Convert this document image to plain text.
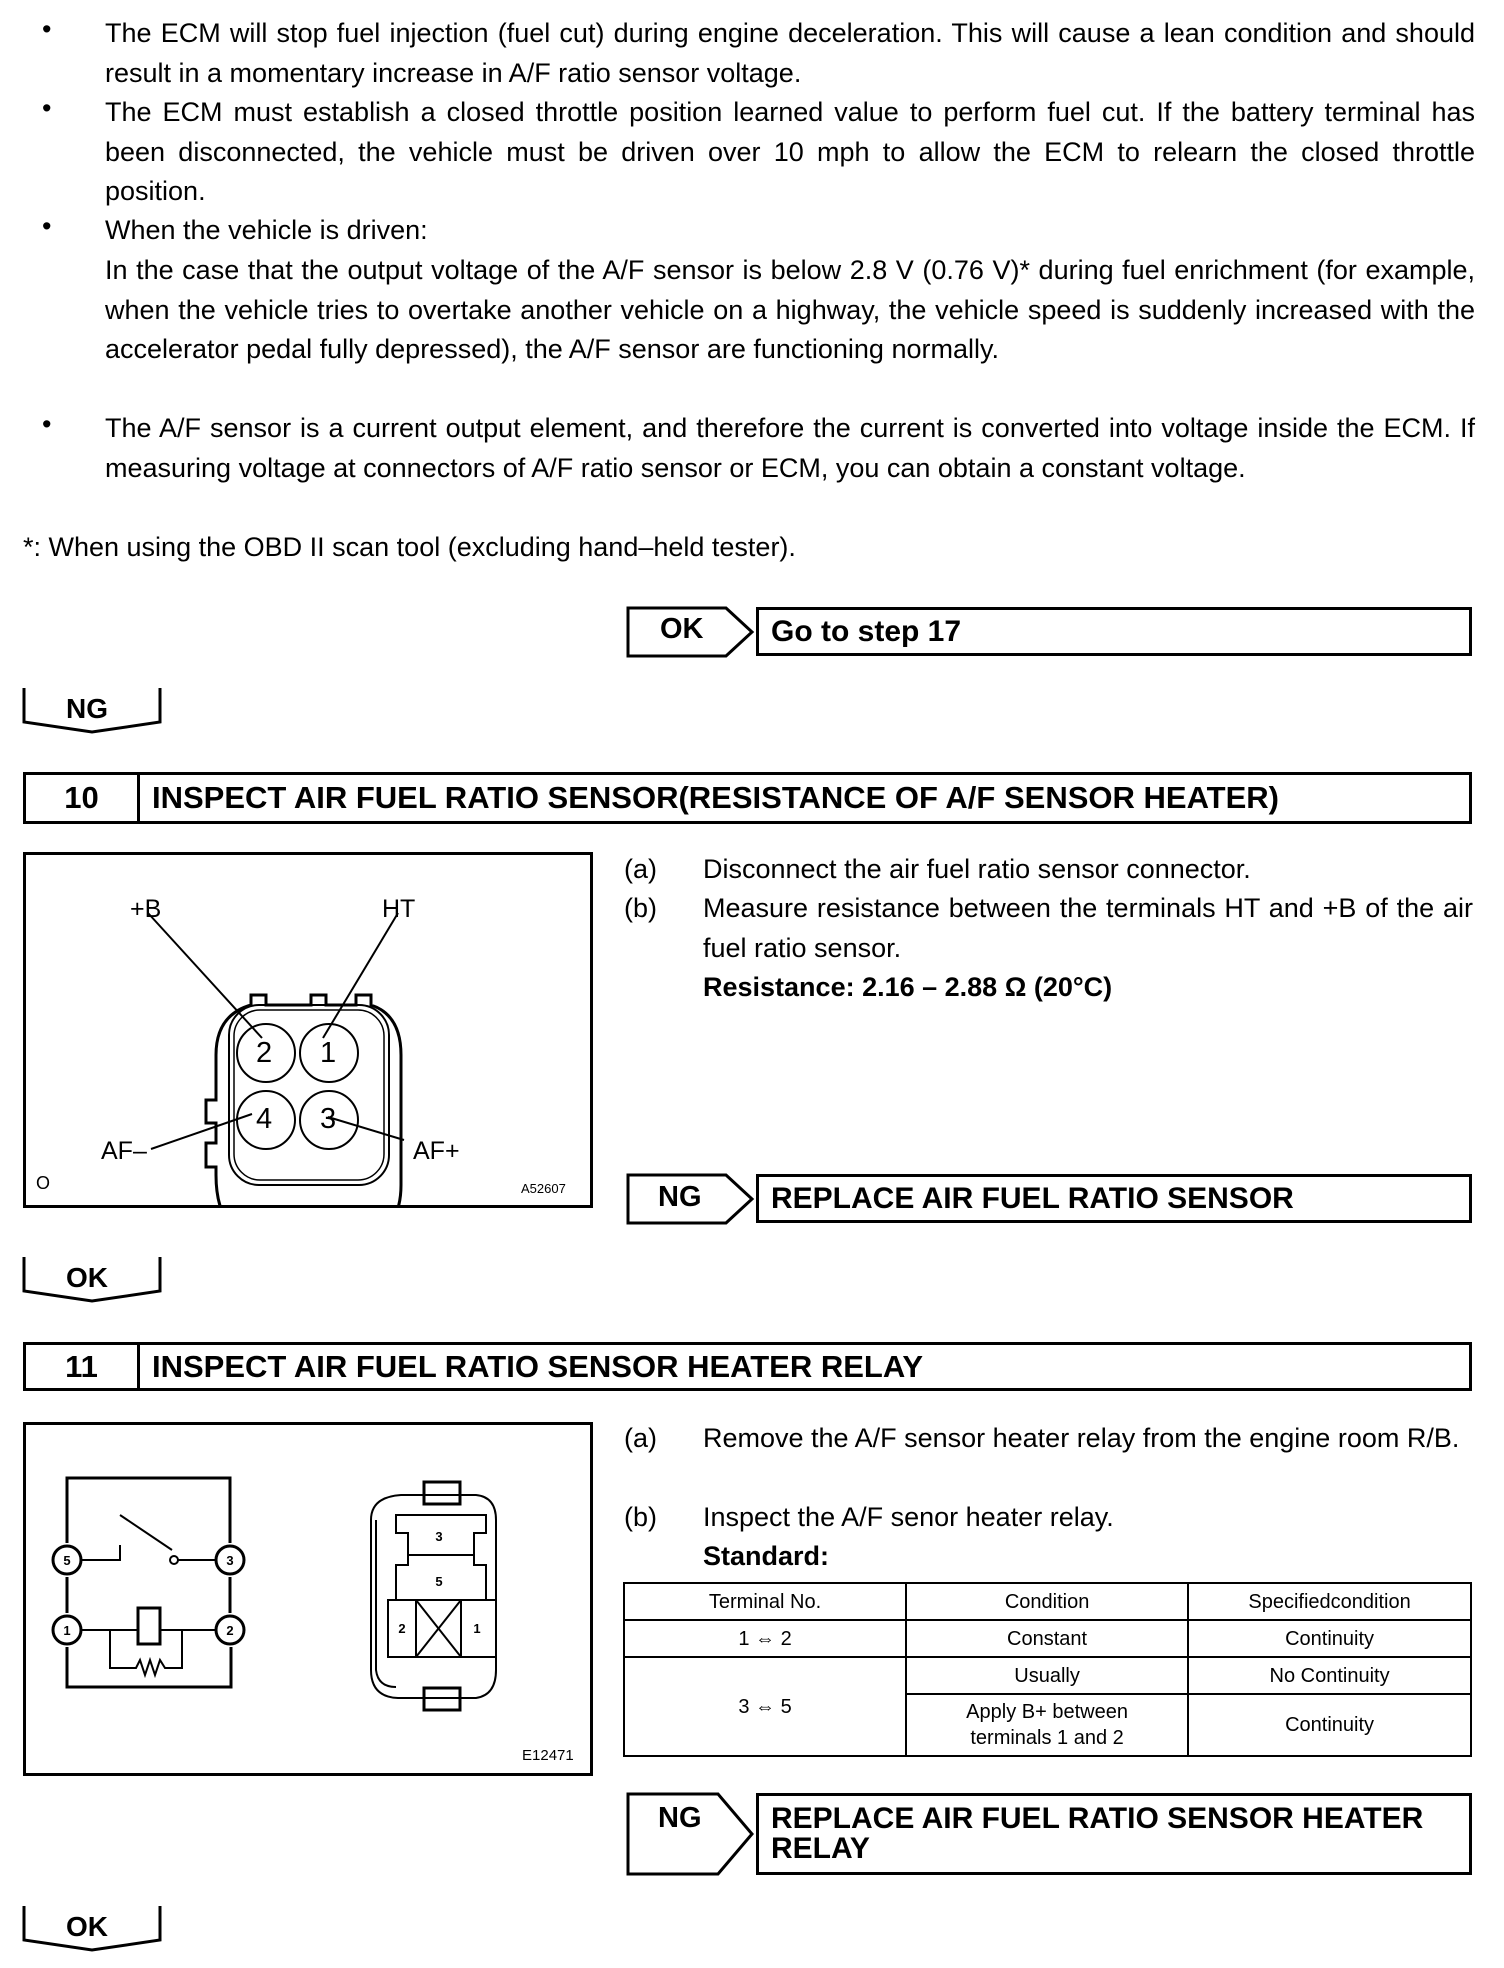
• The ECM will stop fuel injection (fuel cut) during engine deceleration. This will cause a lean condition and should result in a momentary increase in A/F ratio sensor voltage.

• The ECM must establish a closed throttle position learned value to perform fuel cut. If the battery terminal has been disconnected, the vehicle must be driven over 10 mph to allow the ECM to relearn the closed throttle position.

• When the vehicle is driven:

In the case that the output voltage of the A/F sensor is below 2.8 V (0.76 V)* during fuel enrichment (for example, when the vehicle tries to overtake another vehicle on a highway, the vehicle speed is suddenly increased with the accelerator pedal fully depressed), the A/F sensor are functioning normally.

• The A/F sensor is a current output element, and therefore the current is converted into voltage inside the ECM. If measuring voltage at connectors of A/F ratio sensor or ECM, you can obtain a constant voltage.

*: When using the OBD II scan tool (excluding hand–held tester).

OK	Go to step 17
NG
10	INSPECT AIR FUEL RATIO SENSOR(RESISTANCE OF A/F SENSOR HEATER)
+B	HT
AF–	AF+
2 1
4 3
O	A52607
(a) Disconnect the air fuel ratio sensor connector.
(b) Measure resistance between the terminals HT and +B of the air fuel ratio sensor.
Resistance: 2.16 – 2.88 Ω (20°C)
NG	REPLACE AIR FUEL RATIO SENSOR
OK
11	INSPECT AIR FUEL RATIO SENSOR HEATER RELAY
5	3
1	2
3
5
2	1
E12471
(a) Remove the A/F sensor heater relay from the engine room R/B.
(b) Inspect the A/F senor heater relay.
Standard:
Terminal No.	Condition	Specifiedcondition
1 ⇔ 2	Constant	Continuity
3 ⇔ 5	Usually	No Continuity
	Apply B+ between terminals 1 and 2	Continuity
NG	REPLACE AIR FUEL RATIO SENSOR HEATER RELAY
OK
